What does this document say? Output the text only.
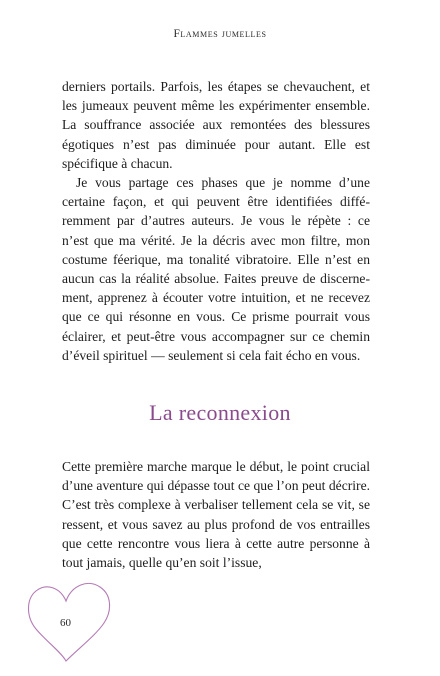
Flammes jumelles

derniers portails. Parfois, les étapes se chevauchent, et les jumeaux peuvent même les expérimenter ensemble. La souffrance associée aux remontées des blessures égotiques n’est pas diminuée pour autant. Elle est spécifique à chacun.

Je vous partage ces phases que je nomme d’une certaine façon, et qui peuvent être identifiées différemment par d’autres auteurs. Je vous le répète : ce n’est que ma vérité. Je la décris avec mon filtre, mon costume féerique, ma tonalité vibratoire. Elle n’est en aucun cas la réalité absolue. Faites preuve de discernement, apprenez à écouter votre intuition, et ne recevez que ce qui résonne en vous. Ce prisme pourrait vous éclairer, et peut-être vous accompagner sur ce chemin d’éveil spirituel — seulement si cela fait écho en vous.

La reconnexion

Cette première marche marque le début, le point crucial d’une aventure qui dépasse tout ce que l’on peut décrire. C’est très complexe à verbaliser tellement cela se vit, se ressent, et vous savez au plus profond de vos entrailles que cette rencontre vous liera à cette autre personne à tout jamais, quelle qu’en soit l’issue,

60
